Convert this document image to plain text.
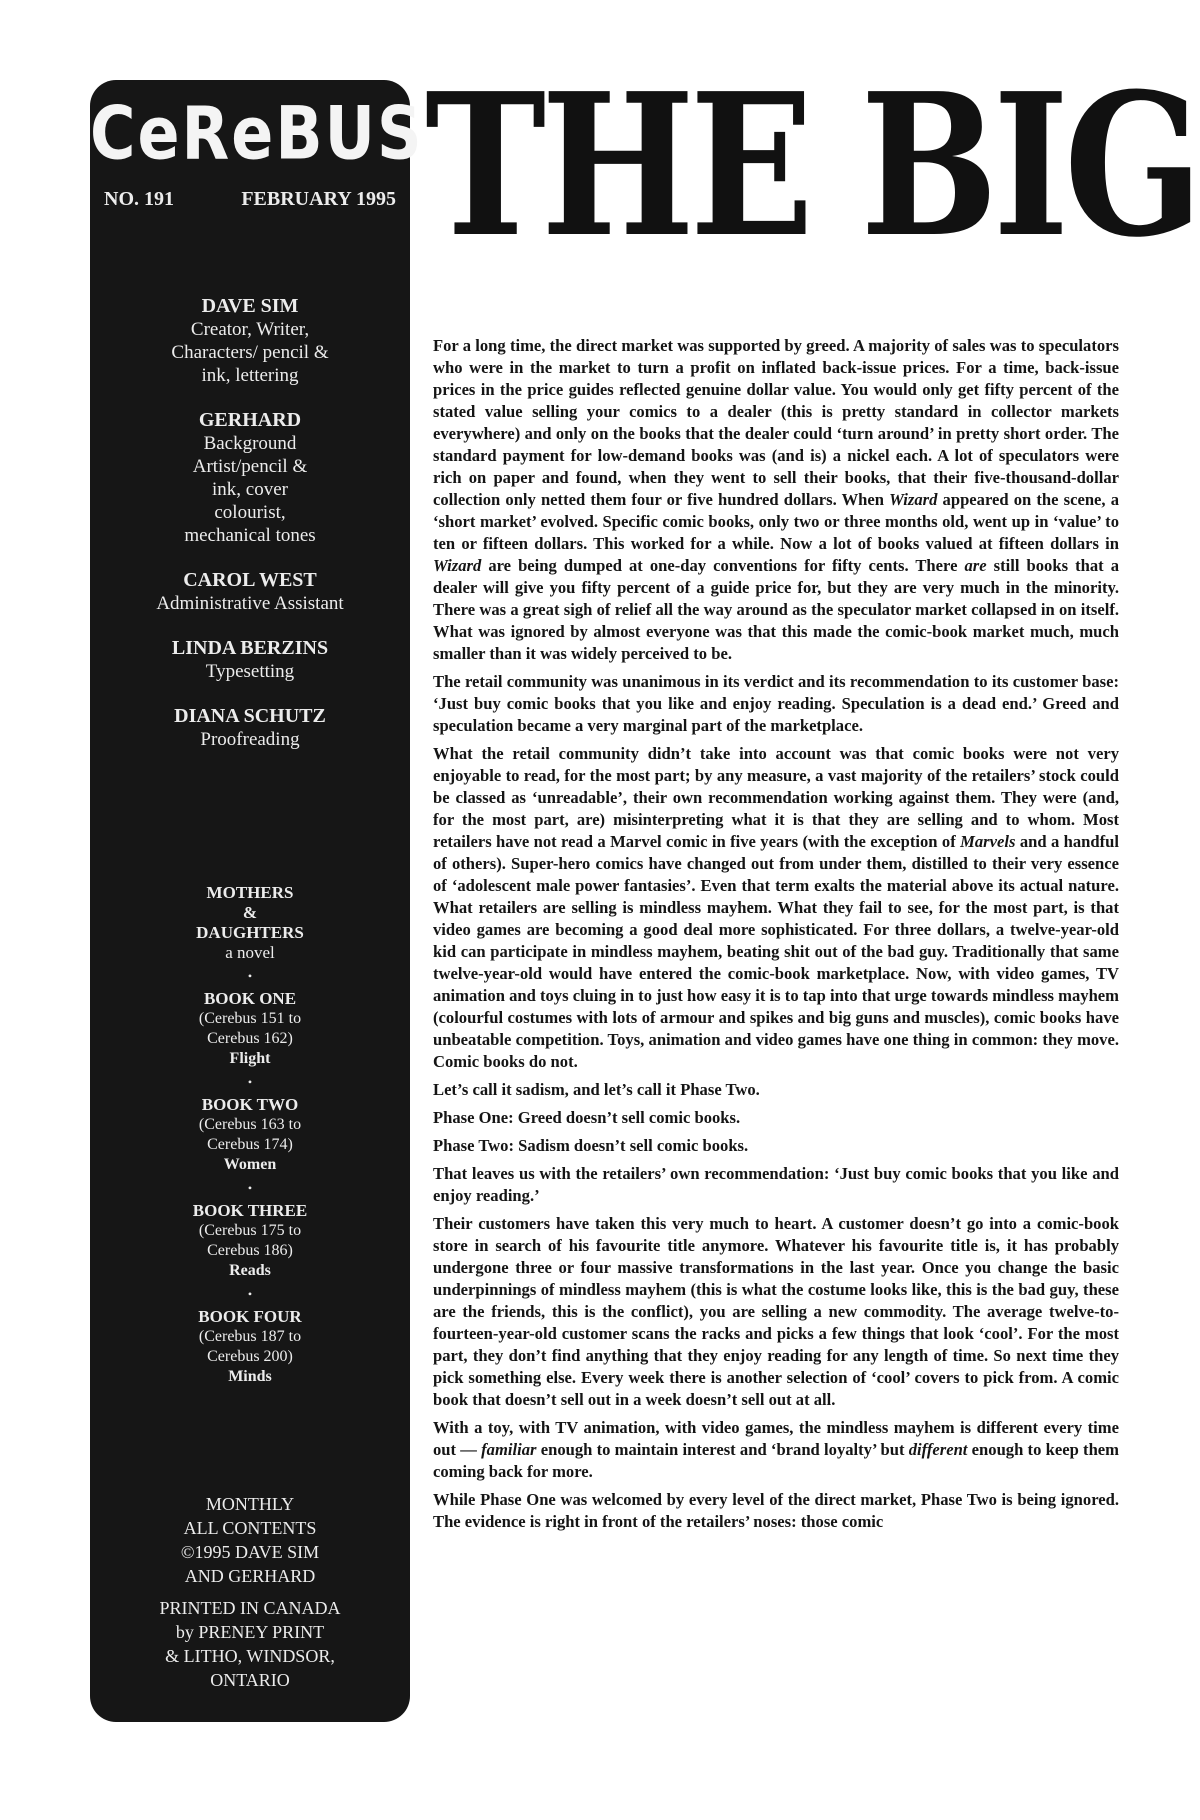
CeReBUS
NO. 191	FEBRUARY 1995
DAVE SIM
Creator, Writer, Characters/ pencil & ink, lettering
GERHARD
Background Artist/pencil & ink, cover colourist, mechanical tones
CAROL WEST
Administrative Assistant
LINDA BERZINS
Typesetting
DIANA SCHUTZ
Proofreading
MOTHERS
&
DAUGHTERS
a novel
•
BOOK ONE
(Cerebus 151 to
Cerebus 162)
Flight
•
BOOK TWO
(Cerebus 163 to
Cerebus 174)
Women
•
BOOK THREE
(Cerebus 175 to
Cerebus 186)
Reads
•
BOOK FOUR
(Cerebus 187 to
Cerebus 200)
Minds
MONTHLY
ALL CONTENTS
©1995 DAVE SIM
AND GERHARD
PRINTED IN CANADA
by PRENEY PRINT
& LITHO, WINDSOR,
ONTARIO
THE BIG

For a long time, the direct market was supported by greed. A majority of sales was to speculators who were in the market to turn a profit on inflated back-issue prices. For a time, back-issue prices in the price guides reflected genuine dollar value. You would only get fifty percent of the stated value selling your comics to a dealer (this is pretty standard in collector markets everywhere) and only on the books that the dealer could ‘turn around’ in pretty short order. The standard payment for low-demand books was (and is) a nickel each. A lot of speculators were rich on paper and found, when they went to sell their books, that their five-thousand-dollar collection only netted them four or five hundred dollars. When Wizard appeared on the scene, a ‘short market’ evolved. Specific comic books, only two or three months old, went up in ‘value’ to ten or fifteen dollars. This worked for a while. Now a lot of books valued at fifteen dollars in Wizard are being dumped at one-day conventions for fifty cents. There are still books that a dealer will give you fifty percent of a guide price for, but they are very much in the minority. There was a great sigh of relief all the way around as the speculator market collapsed in on itself. What was ignored by almost everyone was that this made the comic-book market much, much smaller than it was widely perceived to be.

The retail community was unanimous in its verdict and its recommendation to its customer base: ‘Just buy comic books that you like and enjoy reading. Speculation is a dead end.’ Greed and speculation became a very marginal part of the marketplace.

What the retail community didn’t take into account was that comic books were not very enjoyable to read, for the most part; by any measure, a vast majority of the retailers’ stock could be classed as ‘unreadable’, their own recommendation working against them. They were (and, for the most part, are) misinterpreting what it is that they are selling and to whom. Most retailers have not read a Marvel comic in five years (with the exception of Marvels and a handful of others). Super-hero comics have changed out from under them, distilled to their very essence of ‘adolescent male power fantasies’. Even that term exalts the material above its actual nature. What retailers are selling is mindless mayhem. What they fail to see, for the most part, is that video games are becoming a good deal more sophisticated. For three dollars, a twelve-year-old kid can participate in mindless mayhem, beating shit out of the bad guy. Traditionally that same twelve-year-old would have entered the comic-book marketplace. Now, with video games, TV animation and toys cluing in to just how easy it is to tap into that urge towards mindless mayhem (colourful costumes with lots of armour and spikes and big guns and muscles), comic books have unbeatable competition. Toys, animation and video games have one thing in common: they move. Comic books do not.

Let’s call it sadism, and let’s call it Phase Two.

Phase One: Greed doesn’t sell comic books.

Phase Two: Sadism doesn’t sell comic books.

That leaves us with the retailers’ own recommendation: ‘Just buy comic books that you like and enjoy reading.’

Their customers have taken this very much to heart. A customer doesn’t go into a comic-book store in search of his favourite title anymore. Whatever his favourite title is, it has probably undergone three or four massive transformations in the last year. Once you change the basic underpinnings of mindless mayhem (this is what the costume looks like, this is the bad guy, these are the friends, this is the conflict), you are selling a new commodity. The average twelve-to-fourteen-year-old customer scans the racks and picks a few things that look ‘cool’. For the most part, they don’t find anything that they enjoy reading for any length of time. So next time they pick something else. Every week there is another selection of ‘cool’ covers to pick from. A comic book that doesn’t sell out in a week doesn’t sell out at all.

With a toy, with TV animation, with video games, the mindless mayhem is different every time out — familiar enough to maintain interest and ‘brand loyalty’ but different enough to keep them coming back for more.

While Phase One was welcomed by every level of the direct market, Phase Two is being ignored. The evidence is right in front of the retailers’ noses: those comic
